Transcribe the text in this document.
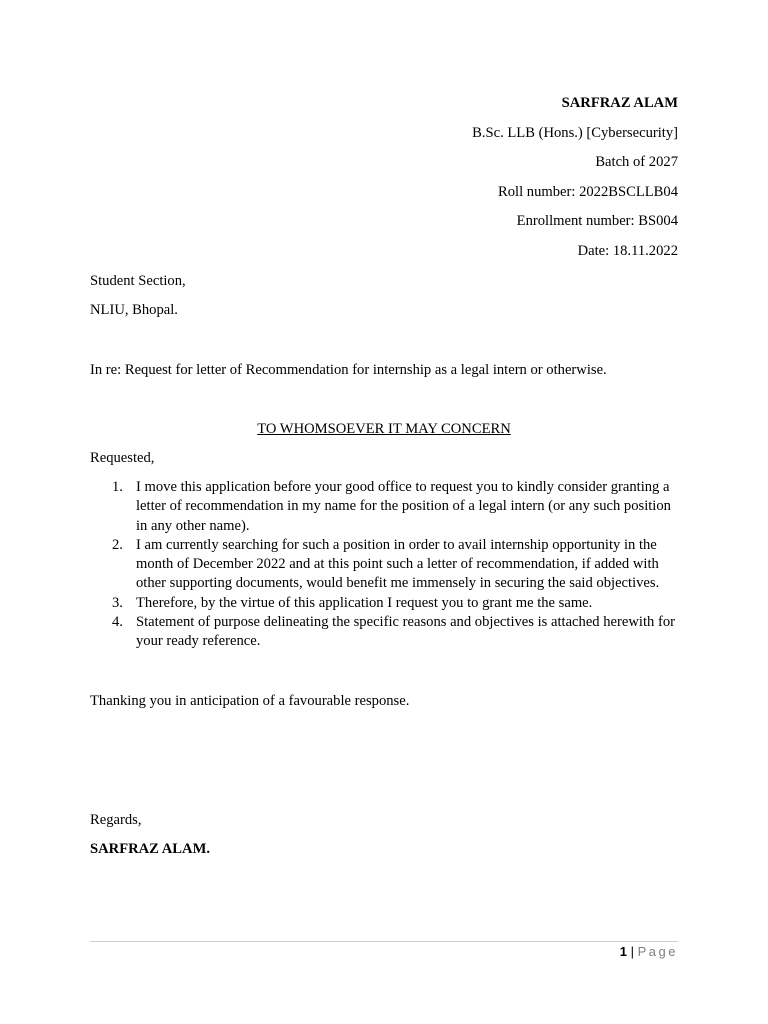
SARFRAZ ALAM
B.Sc. LLB (Hons.) [Cybersecurity]
Batch of 2027
Roll number: 2022BSCLLB04
Enrollment number: BS004
Date: 18.11.2022
Student Section,
NLIU, Bhopal.
In re: Request for letter of Recommendation for internship as a legal intern or otherwise.
TO WHOMSOEVER IT MAY CONCERN
Requested,
1. I move this application before your good office to request you to kindly consider granting a letter of recommendation in my name for the position of a legal intern (or any such position in any other name).
2. I am currently searching for such a position in order to avail internship opportunity in the month of December 2022 and at this point such a letter of recommendation, if added with other supporting documents, would benefit me immensely in securing the said objectives.
3. Therefore, by the virtue of this application I request you to grant me the same.
4. Statement of purpose delineating the specific reasons and objectives is attached herewith for your ready reference.
Thanking you in anticipation of a favourable response.
Regards,
SARFRAZ ALAM.
1 | Page
